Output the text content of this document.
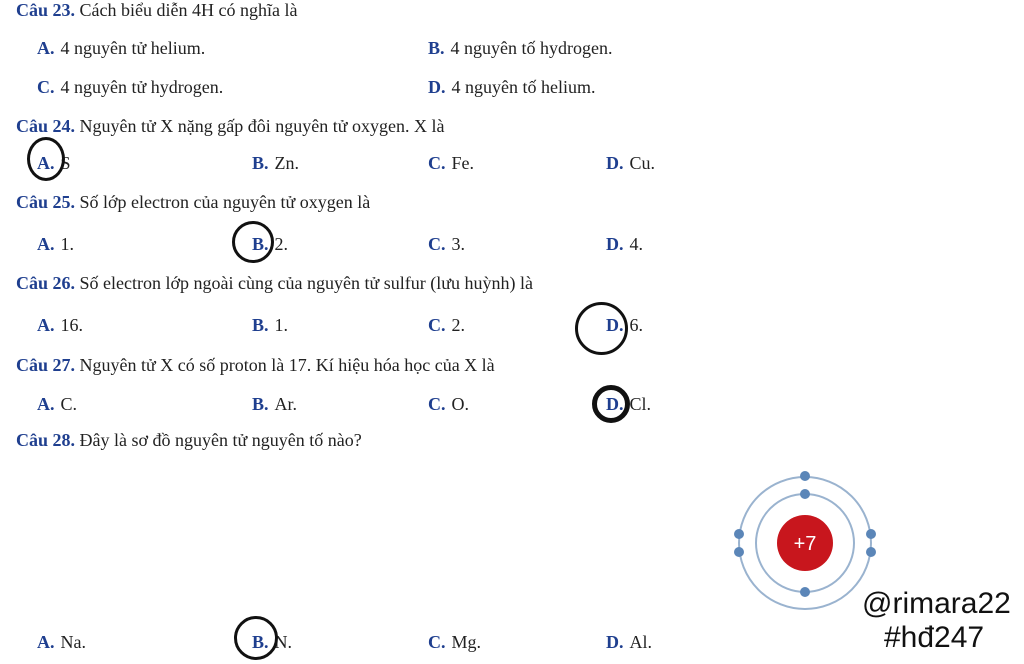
Câu 23. Cách biểu diễn 4H có nghĩa là
A. 4 nguyên tử helium.	B. 4 nguyên tố hydrogen.
C. 4 nguyên tử hydrogen.	D. 4 nguyên tố helium.
Câu 24. Nguyên tử X nặng gấp đôi nguyên tử oxygen. X là
A. S	B. Zn.	C. Fe.	D. Cu.
Câu 25. Số lớp electron của nguyên tử oxygen là
A. 1.	B. 2.	C. 3.	D. 4.
Câu 26. Số electron lớp ngoài cùng của nguyên tử sulfur (lưu huỳnh) là
A. 16.	B. 1.	C. 2.	D. 6.
Câu 27. Nguyên tử X có số proton là 17. Kí hiệu hóa học của X là
A. C.	B. Ar.	C. O.	D. Cl.
Câu 28. Đây là sơ đồ nguyên tử nguyên tố nào?
A. Na.	B. N.	C. Mg.	D. Al.
+7
@rimara22
#hđ247
